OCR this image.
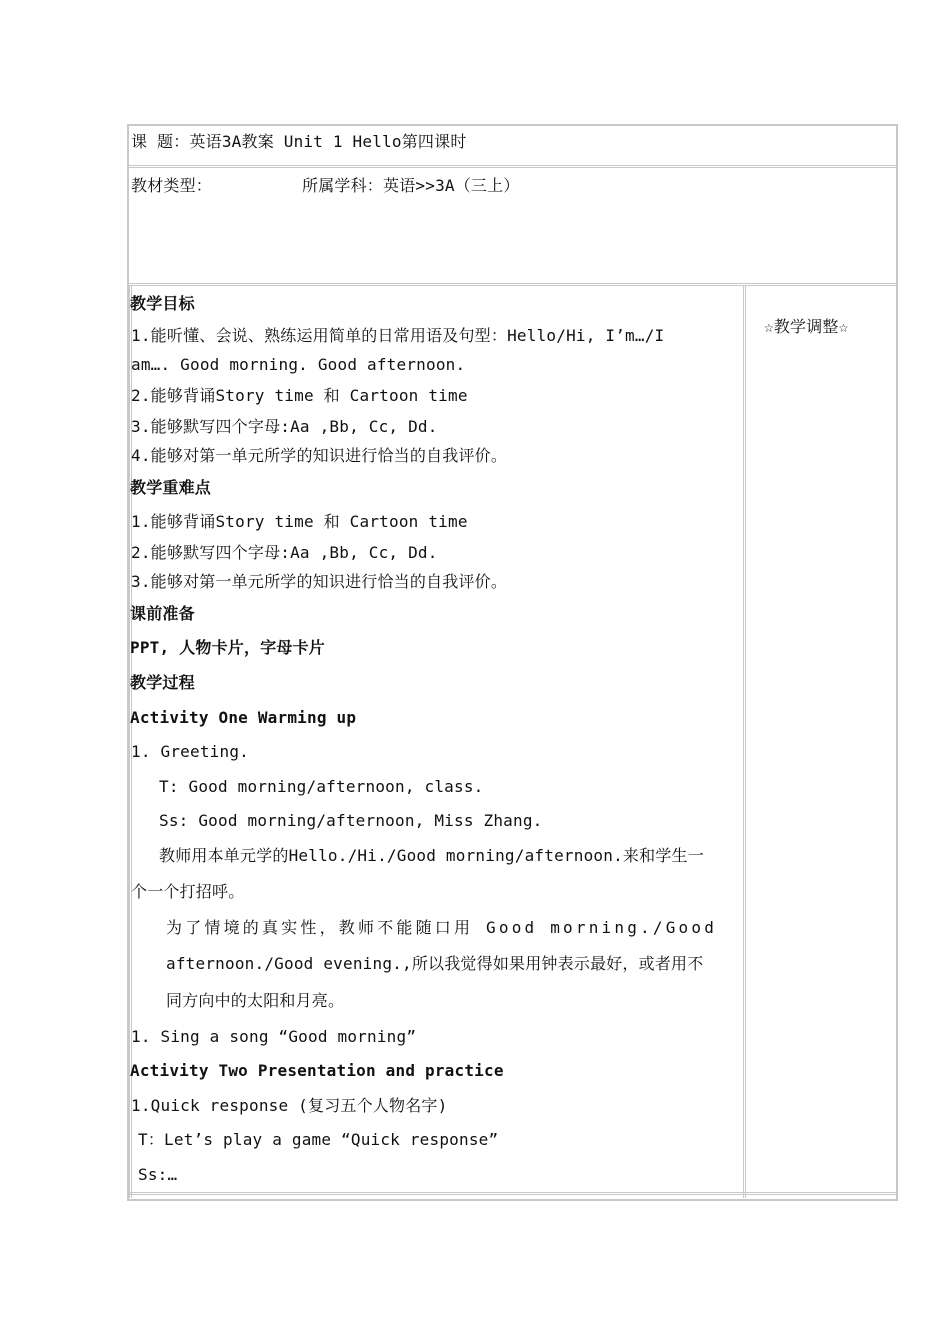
课 题：英语3A教案 Unit 1 Hello第四课时
教材类型：	所属学科：英语>>3A（三上）
☆教学调整☆
教学目标
1.能听懂、会说、熟练运用简单的日常用语及句型：Hello/Hi, I’m…/I
am…. Good morning. Good afternoon.
2.能够背诵Story time 和 Cartoon time
3.能够默写四个字母:Aa ,Bb, Cc, Dd.
4.能够对第一单元所学的知识进行恰当的自我评价。
教学重难点
1.能够背诵Story time 和 Cartoon time
2.能够默写四个字母:Aa ,Bb, Cc, Dd.
3.能够对第一单元所学的知识进行恰当的自我评价。
课前准备
PPT, 人物卡片，字母卡片
教学过程
Activity One Warming up
1. Greeting.
T: Good morning/afternoon, class.
Ss: Good morning/afternoon, Miss Zhang.
教师用本单元学的Hello./Hi./Good morning/afternoon.来和学生一
个一个打招呼。
为了情境的真实性，教师不能随口用 Good morning./Good
afternoon./Good evening.,所以我觉得如果用钟表示最好，或者用不
同方向中的太阳和月亮。
1. Sing a song “Good morning”
Activity Two Presentation and practice
1.Quick response (复习五个人物名字)
T：Let’s play a game “Quick response”
Ss:…
